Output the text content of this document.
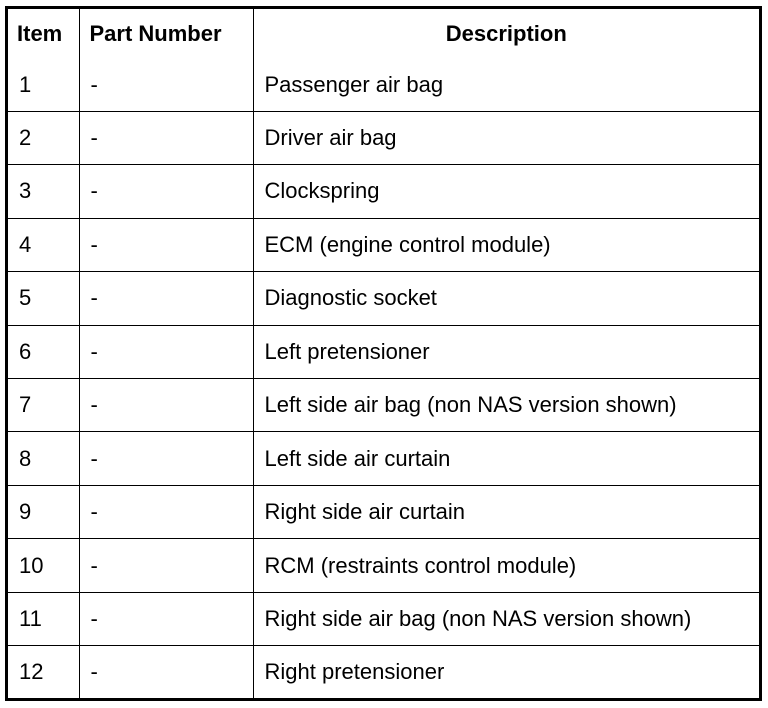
Item	Part Number	Description
1	-	Passenger air bag
2	-	Driver air bag
3	-	Clockspring
4	-	ECM (engine control module)
5	-	Diagnostic socket
6	-	Left pretensioner
7	-	Left side air bag (non NAS version shown)
8	-	Left side air curtain
9	-	Right side air curtain
10	-	RCM (restraints control module)
11	-	Right side air bag (non NAS version shown)
12	-	Right pretensioner
